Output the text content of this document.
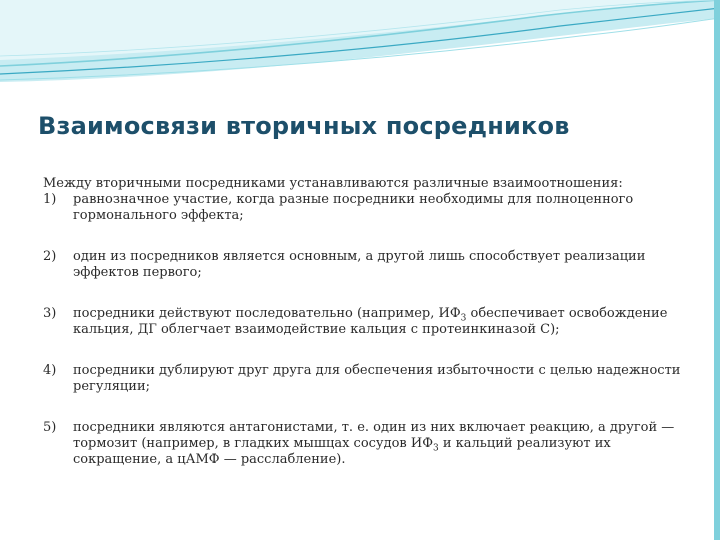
Взаимосвязи вторичных посредников

Между вторичными посредниками устанавливаются различные взаимоотношения:

1)	равнозначное участие, когда разные посредники необходимы для полноценного гормонального эффекта;
2)	один из посредников является основным, а другой лишь способствует реализации эффектов первого;
3)	посредники действуют последовательно (например, $ИФ_3$ обеспечивает освобождение кальция, ДГ облегчает взаимодействие кальция с протеинкиназой С);
4)	посредники дублируют друг друга для обеспечения избыточности с целью надежности регуляции;
5)	посредники являются антагонистами, т. е. один из них включает реакцию, а другой — тормозит (например, в гладких мышцах сосудов $ИФ_3$ и кальций реализуют их сокращение, а цАМФ — расслабление).
